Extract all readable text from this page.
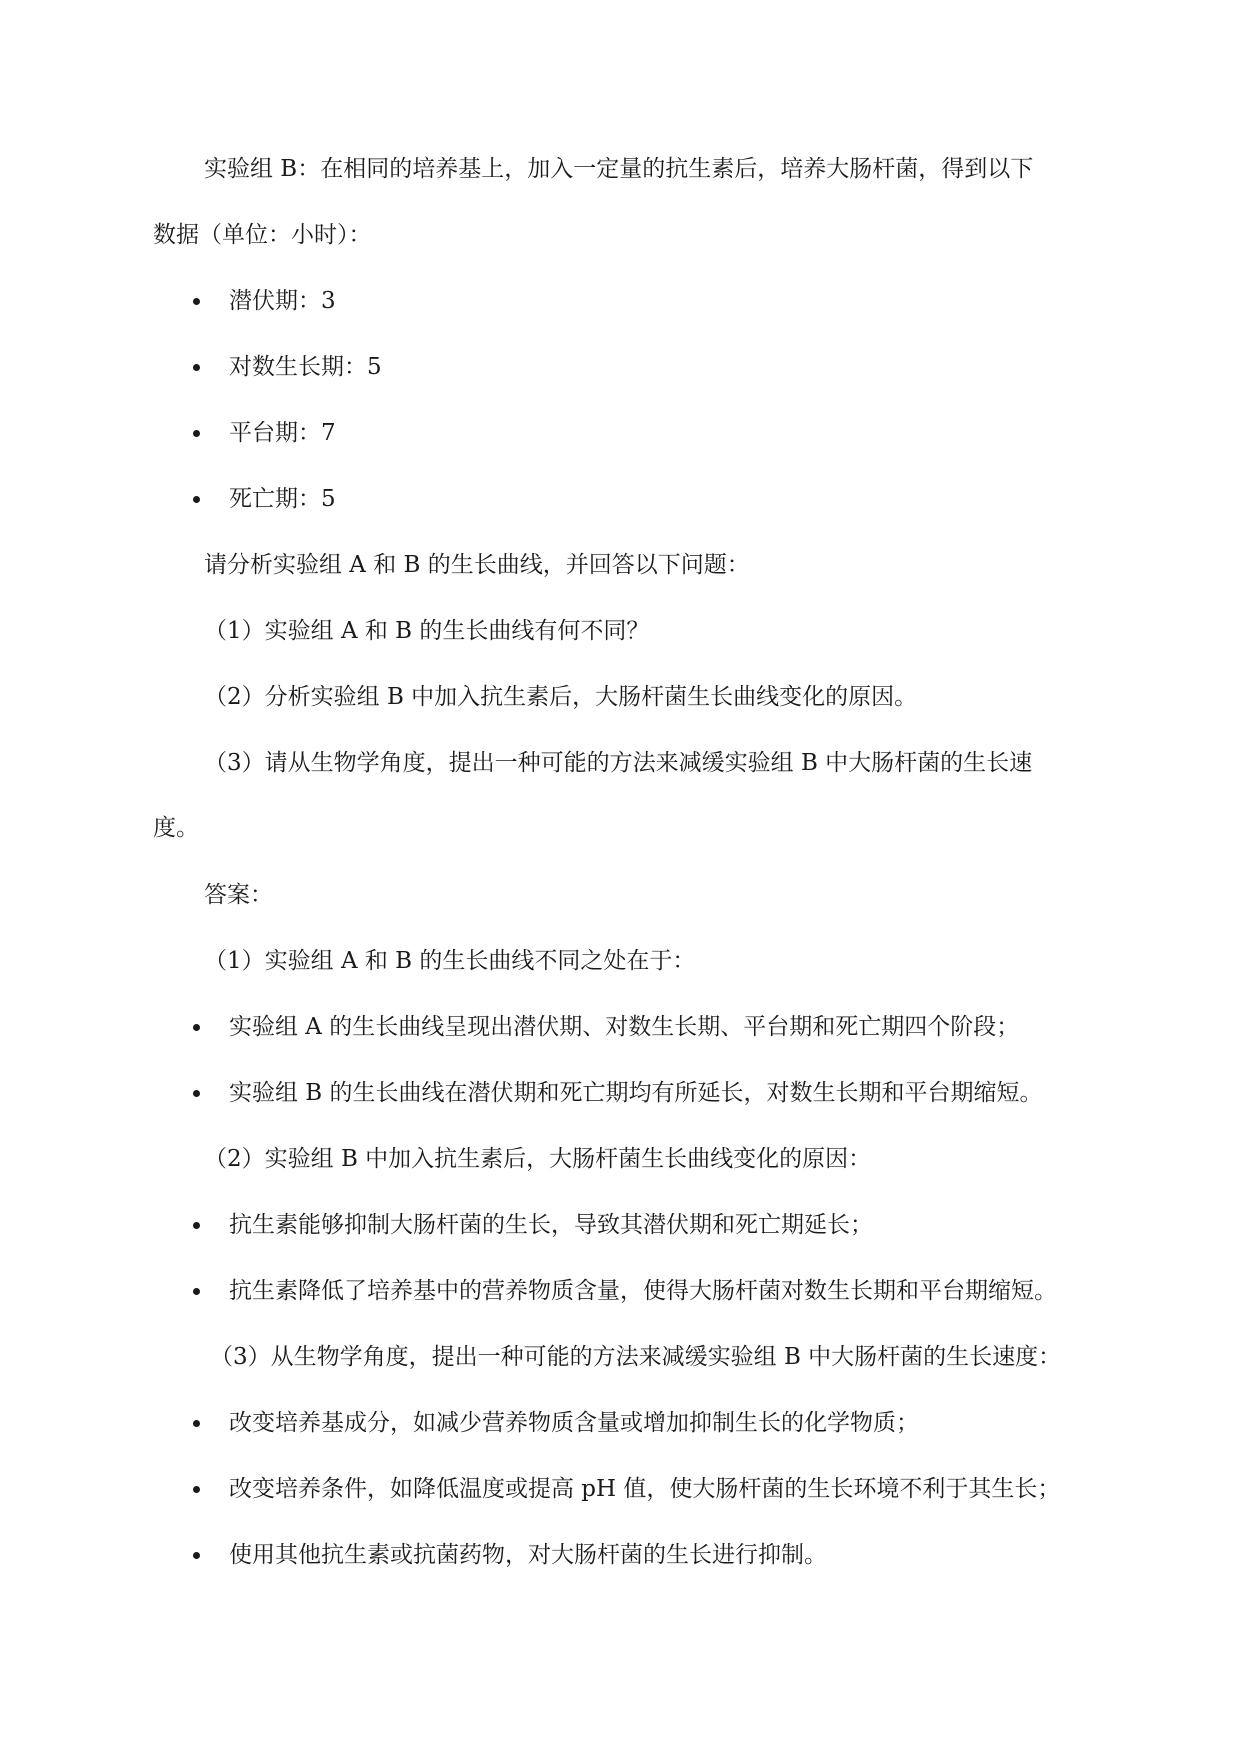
实验组 B：在相同的培养基上，加入一定量的抗生素后，培养大肠杆菌，得到以下

数据（单位：小时）：

潜伏期：3

对数生长期：5

平台期：7

死亡期：5

请分析实验组 A 和 B 的生长曲线，并回答以下问题：

（1）实验组 A 和 B 的生长曲线有何不同？

（2）分析实验组 B 中加入抗生素后，大肠杆菌生长曲线变化的原因。

（3）请从生物学角度，提出一种可能的方法来减缓实验组 B 中大肠杆菌的生长速

度。

答案：

（1）实验组 A 和 B 的生长曲线不同之处在于：

实验组 A 的生长曲线呈现出潜伏期、对数生长期、平台期和死亡期四个阶段；

实验组 B 的生长曲线在潜伏期和死亡期均有所延长，对数生长期和平台期缩短。

（2）实验组 B 中加入抗生素后，大肠杆菌生长曲线变化的原因：

抗生素能够抑制大肠杆菌的生长，导致其潜伏期和死亡期延长；

抗生素降低了培养基中的营养物质含量，使得大肠杆菌对数生长期和平台期缩短。

（3）从生物学角度，提出一种可能的方法来减缓实验组 B 中大肠杆菌的生长速度：

改变培养基成分，如减少营养物质含量或增加抑制生长的化学物质；

改变培养条件，如降低温度或提高 pH 值，使大肠杆菌的生长环境不利于其生长；

使用其他抗生素或抗菌药物，对大肠杆菌的生长进行抑制。
